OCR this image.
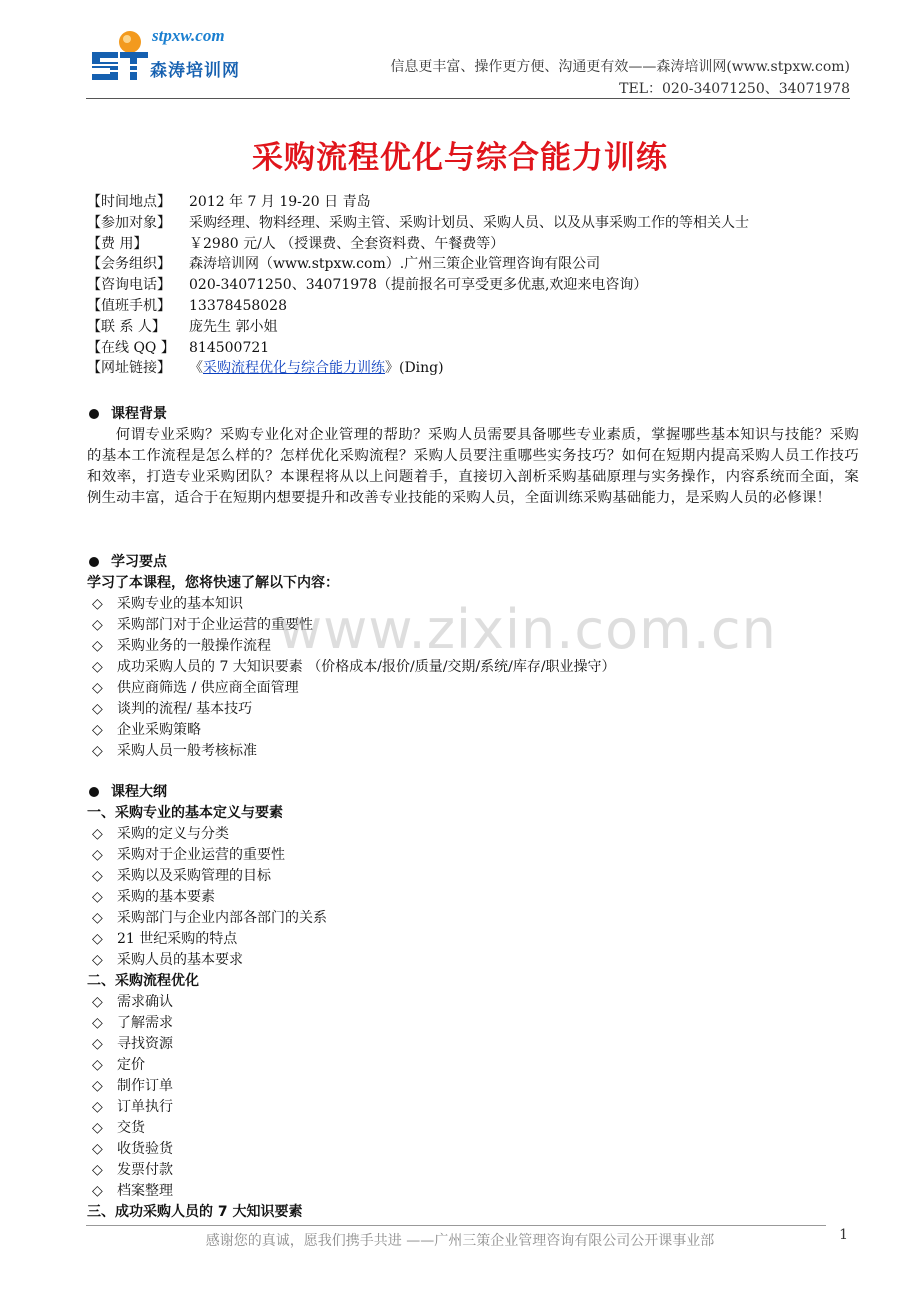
stpxw.com
森涛培训网	信息更丰富、操作更方便、沟通更有效——森涛培训网(www.stpxw.com)
TEL：020-34071250、34071978
采购流程优化与综合能力训练
【时间地点】 2012 年 7 月 19-20 日 青岛
【参加对象】 采购经理、物料经理、采购主管、采购计划员、采购人员、以及从事采购工作的等相关人士
【费 用】	￥2980 元/人 （授课费、全套资料费、午餐费等）
【会务组织】 森涛培训网（www.stpxw.com）.广州三策企业管理咨询有限公司
【咨询电话】 020-34071250、34071978（提前报名可享受更多优惠,欢迎来电咨询）
【值班手机】 13378458028
【联 系 人】 庞先生 郭小姐
【在线 QQ 】 814500721
【网址链接】 《采购流程优化与综合能力训练》(Ding)
课程背景
何谓专业采购？采购专业化对企业管理的帮助？采购人员需要具备哪些专业素质，掌握哪些基本知识与技能？采购的基本工作流程是怎么样的？怎样优化采购流程？采购人员要注重哪些实务技巧？如何在短期内提高采购人员工作技巧和效率，打造专业采购团队？本课程将从以上问题着手，直接切入剖析采购基础原理与实务操作，内容系统而全面，案例生动丰富，适合于在短期内想要提升和改善专业技能的采购人员，全面训练采购基础能力，是采购人员的必修课！
学习要点
学习了本课程，您将快速了解以下内容：
◇ 采购专业的基本知识
◇ 采购部门对于企业运营的重要性
◇ 采购业务的一般操作流程
◇ 成功采购人员的 7 大知识要素 （价格成本/报价/质量/交期/系统/库存/职业操守）
◇ 供应商筛选 / 供应商全面管理
◇ 谈判的流程/ 基本技巧
◇ 企业采购策略
◇ 采购人员一般考核标准
课程大纲
一、采购专业的基本定义与要素
◇ 采购的定义与分类
◇ 采购对于企业运营的重要性
◇ 采购以及采购管理的目标
◇ 采购的基本要素
◇ 采购部门与企业内部各部门的关系
◇ 21 世纪采购的特点
◇ 采购人员的基本要求
二、采购流程优化
◇ 需求确认
◇ 了解需求
◇ 寻找资源
◇ 定价
◇ 制作订单
◇ 订单执行
◇ 交货
◇ 收货验货
◇ 发票付款
◇ 档案整理
三、成功采购人员的 7 大知识要素
www.zixin.com.cn
感谢您的真诚，愿我们携手共进 ——广州三策企业管理咨询有限公司公开课事业部	1
